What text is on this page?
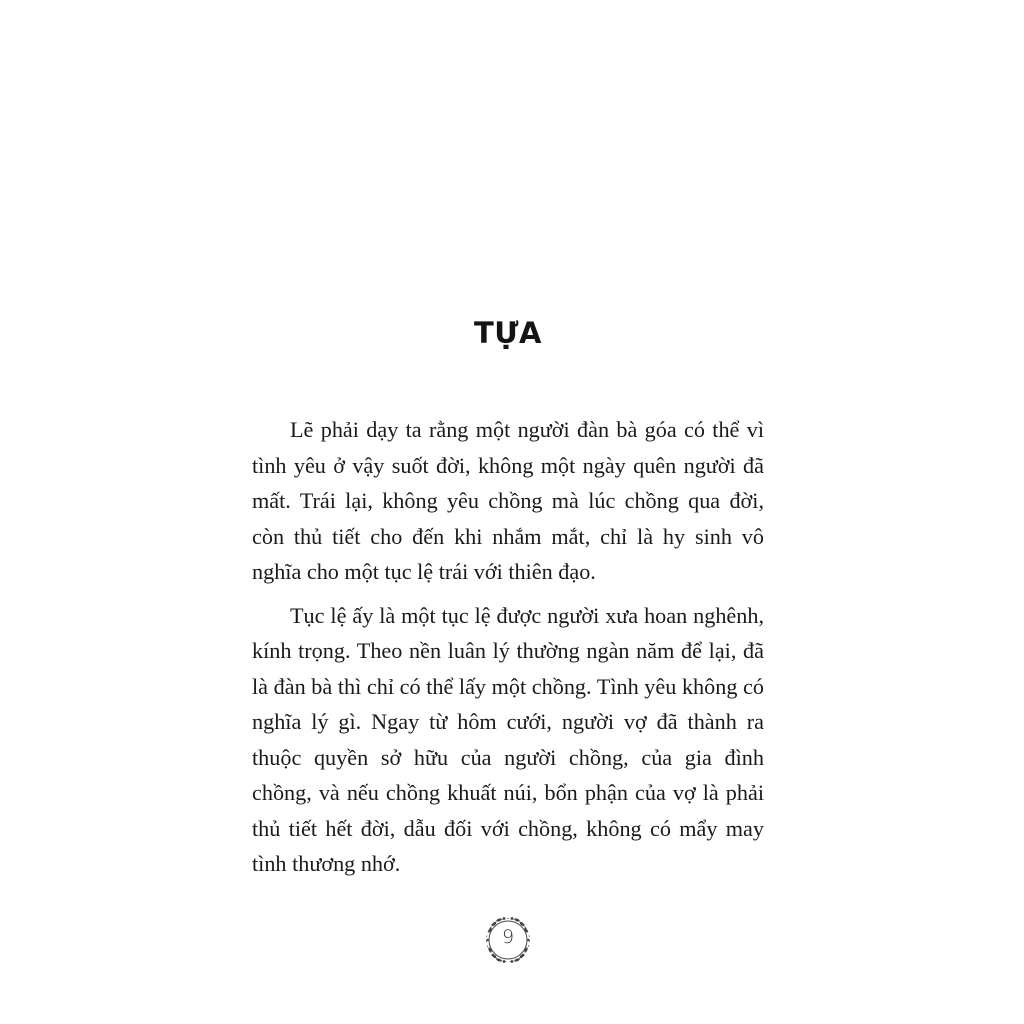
TỰA

Lẽ phải dạy ta rằng một người đàn bà góa có thể vì tình yêu ở vậy suốt đời, không một ngày quên người đã mất. Trái lại, không yêu chồng mà lúc chồng qua đời, còn thủ tiết cho đến khi nhắm mắt, chỉ là hy sinh vô nghĩa cho một tục lệ trái với thiên đạo.

Tục lệ ấy là một tục lệ được người xưa hoan nghênh, kính trọng. Theo nền luân lý thường ngàn năm để lại, đã là đàn bà thì chỉ có thể lấy một chồng. Tình yêu không có nghĩa lý gì. Ngay từ hôm cưới, người vợ đã thành ra thuộc quyền sở hữu của người chồng, của gia đình chồng, và nếu chồng khuất núi, bổn phận của vợ là phải thủ tiết hết đời, dẫu đối với chồng, không có mẩy may tình thương nhớ.

9
